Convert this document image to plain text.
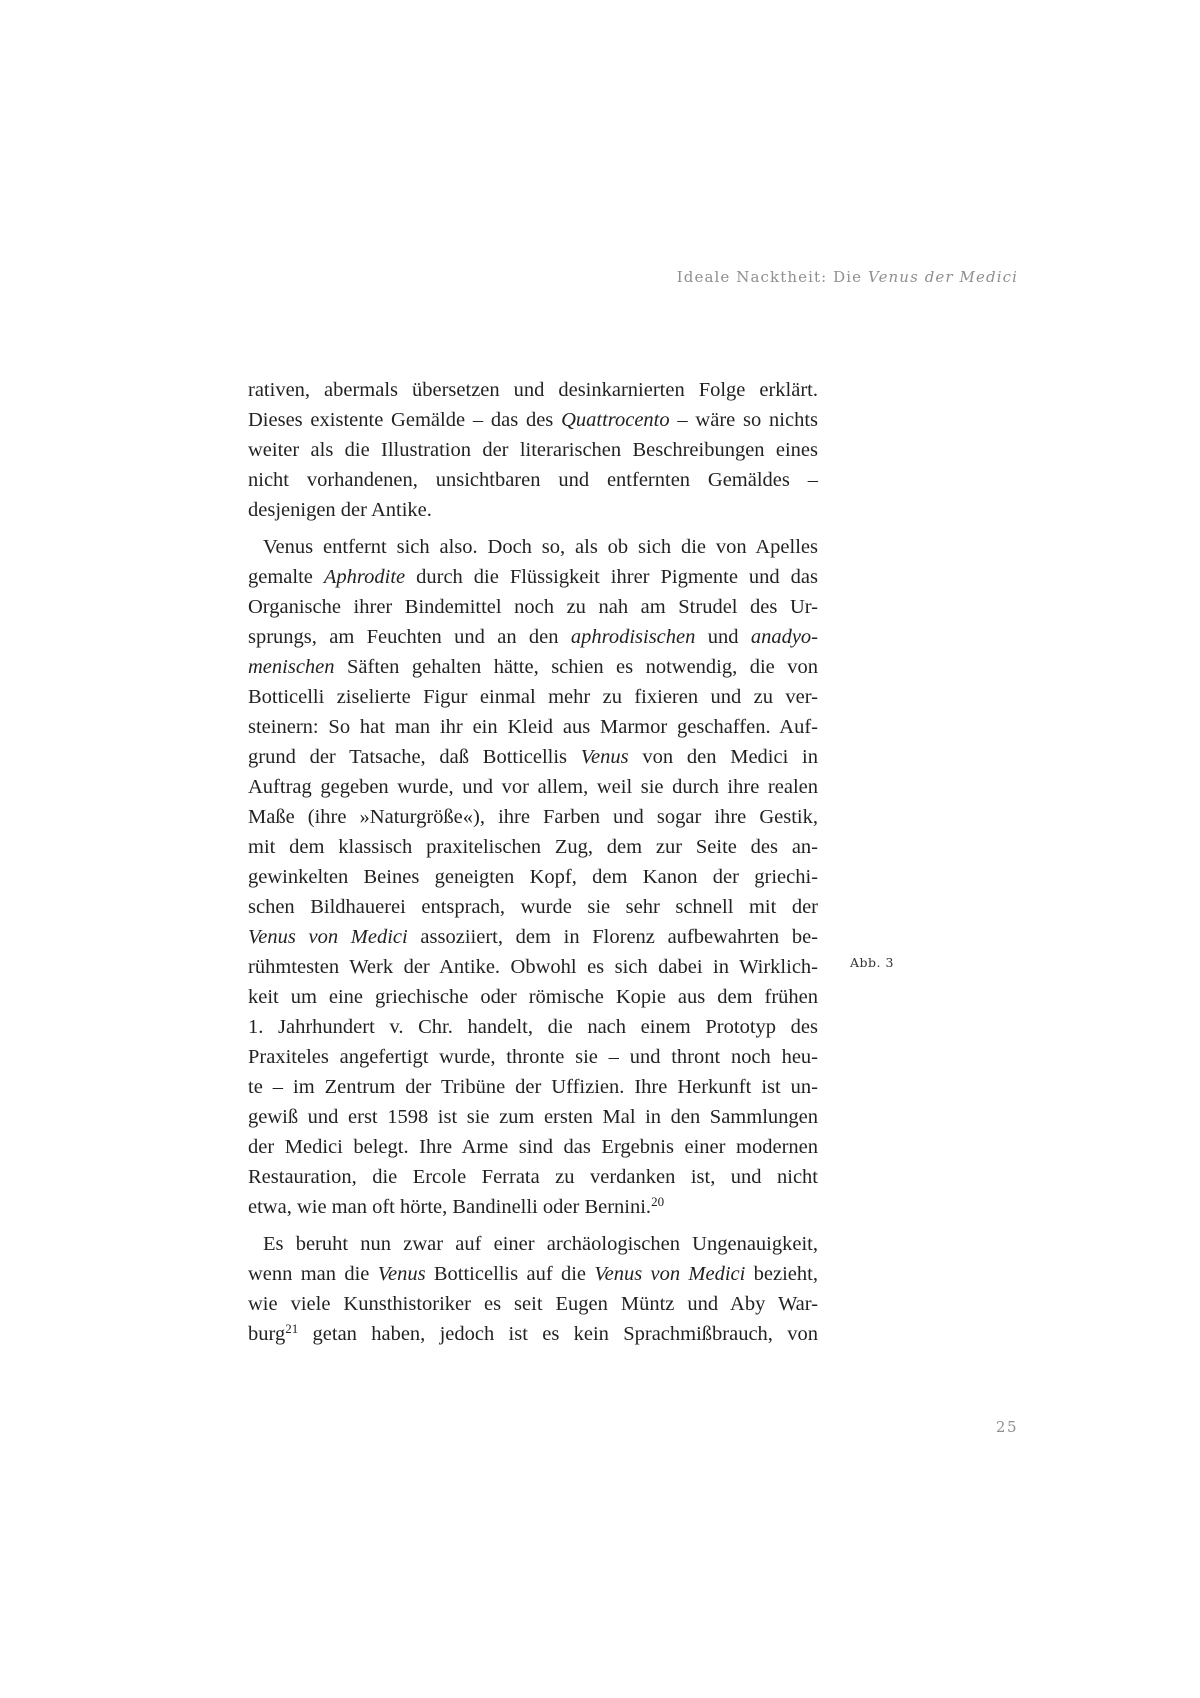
Ideale Nacktheit: Die Venus der Medici
rativen, abermals übersetzen und desinkarnierten Folge erklärt.
Dieses existente Gemälde – das des Quattrocento – wäre so nichts
weiter als die Illustration der literarischen Beschreibungen eines
nicht vorhandenen, unsichtbaren und entfernten Gemäldes –
desjenigen der Antike.
Venus entfernt sich also. Doch so, als ob sich die von Apelles
gemalte Aphrodite durch die Flüssigkeit ihrer Pigmente und das
Organische ihrer Bindemittel noch zu nah am Strudel des Ur-
sprungs, am Feuchten und an den aphrodisischen und anadyo-
menischen Säften gehalten hätte, schien es notwendig, die von
Botticelli ziselierte Figur einmal mehr zu fixieren und zu ver-
steinern: So hat man ihr ein Kleid aus Marmor geschaffen. Auf-
grund der Tatsache, daß Botticellis Venus von den Medici in
Auftrag gegeben wurde, und vor allem, weil sie durch ihre realen
Maße (ihre »Naturgröße«), ihre Farben und sogar ihre Gestik,
mit dem klassisch praxitelischen Zug, dem zur Seite des an-
gewinkelten Beines geneigten Kopf, dem Kanon der griechi-
schen Bildhauerei entsprach, wurde sie sehr schnell mit der
Venus von Medici assoziiert, dem in Florenz aufbewahrten be-
rühmtesten Werk der Antike. Obwohl es sich dabei in Wirklich-
keit um eine griechische oder römische Kopie aus dem frühen
1. Jahrhundert v. Chr. handelt, die nach einem Prototyp des
Praxiteles angefertigt wurde, thronte sie – und thront noch heu-
te – im Zentrum der Tribüne der Uffizien. Ihre Herkunft ist un-
gewiß und erst 1598 ist sie zum ersten Mal in den Sammlungen
der Medici belegt. Ihre Arme sind das Ergebnis einer modernen
Restauration, die Ercole Ferrata zu verdanken ist, und nicht
etwa, wie man oft hörte, Bandinelli oder Bernini.$^{20}$
Es beruht nun zwar auf einer archäologischen Ungenauigkeit,
wenn man die Venus Botticellis auf die Venus von Medici bezieht,
wie viele Kunsthistoriker es seit Eugen Müntz und Aby War-
burg$^{21}$ getan haben, jedoch ist es kein Sprachmißbrauch, von
Abb. 3
25
